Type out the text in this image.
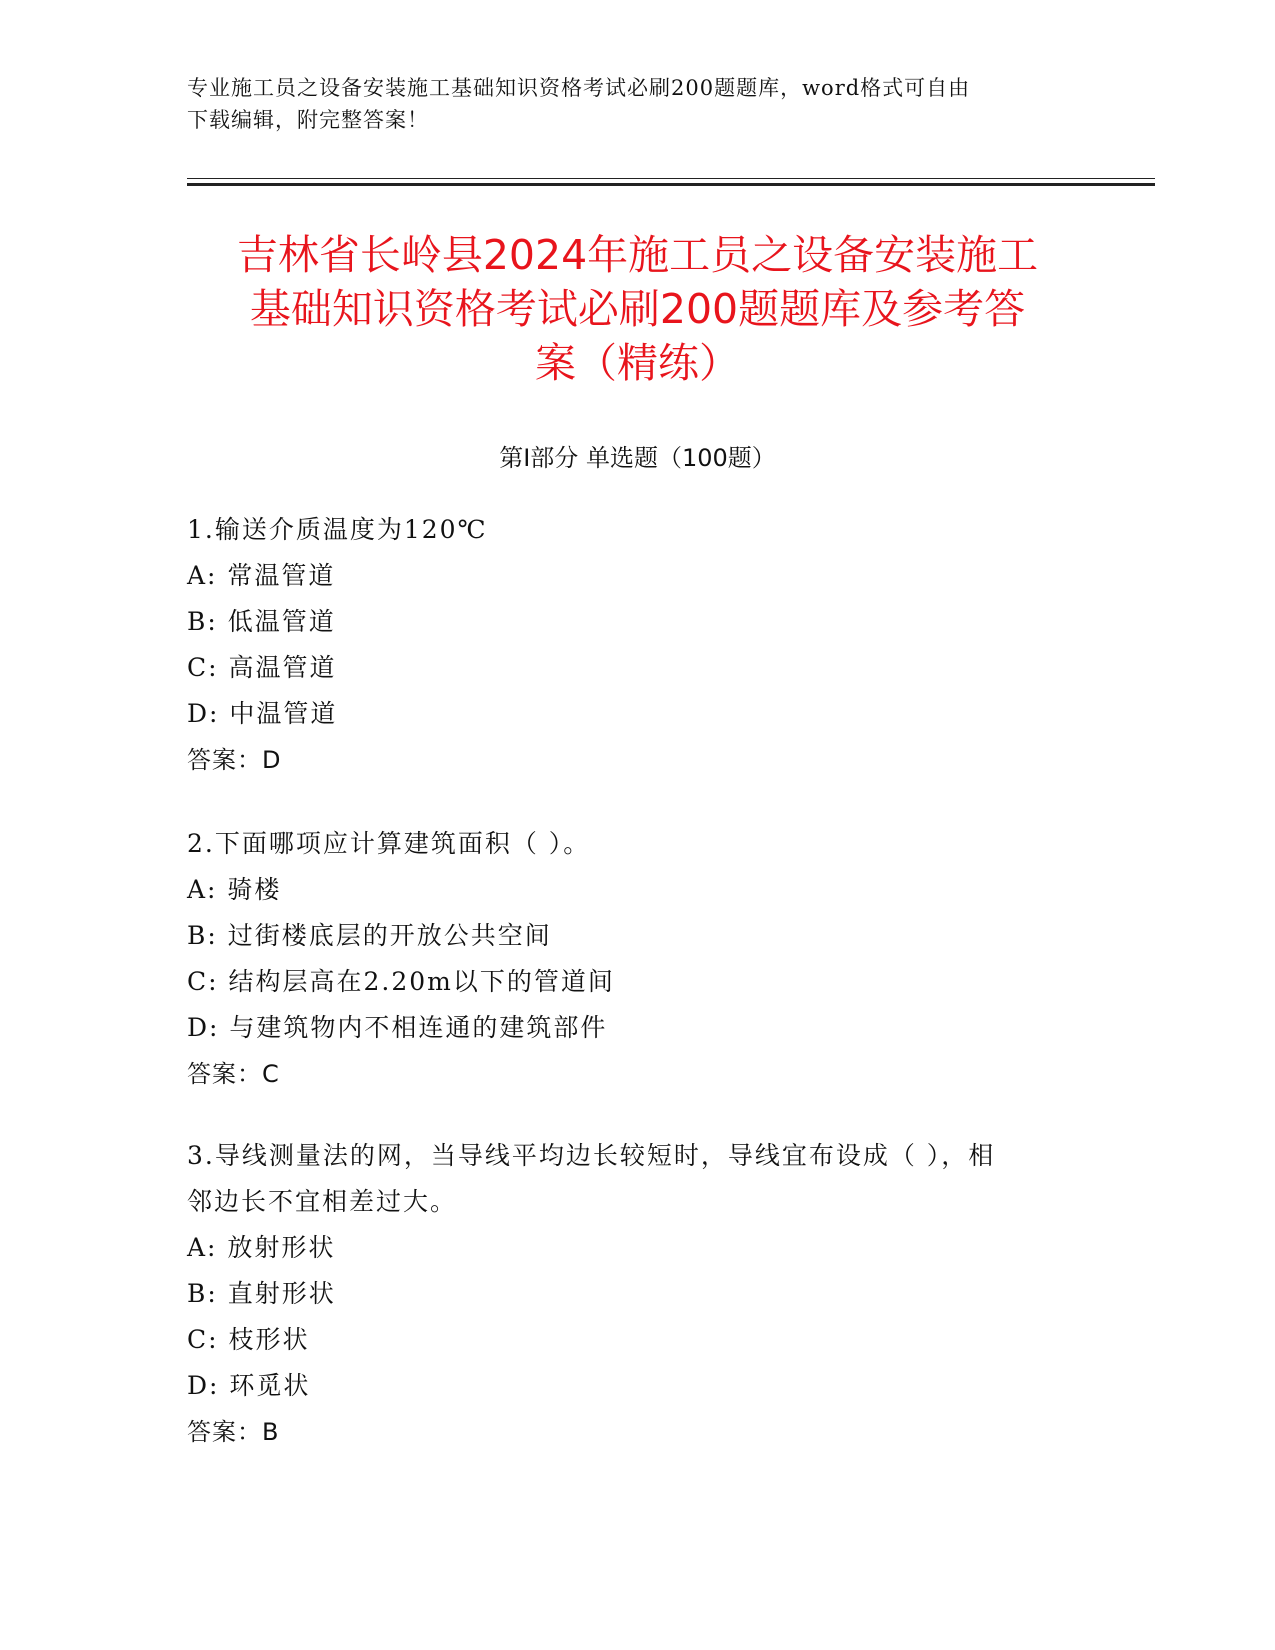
专业施工员之设备安装施工基础知识资格考试必刷200题题库，word格式可自由
下载编辑，附完整答案！
吉林省长岭县2024年施工员之设备安装施工
基础知识资格考试必刷200题题库及参考答
案（精练）
第Ⅰ部分 单选题（100题）
1.输送介质温度为120℃
A: 常温管道
B: 低温管道
C: 高温管道
D: 中温管道
答案：D
2.下面哪项应计算建筑面积（ ）。
A: 骑楼
B: 过街楼底层的开放公共空间
C: 结构层高在2.20m以下的管道间
D: 与建筑物内不相连通的建筑部件
答案：C
3.导线测量法的网，当导线平均边长较短时，导线宜布设成（ ），相
邻边长不宜相差过大。
A: 放射形状
B: 直射形状
C: 枝形状
D: 环觅状
答案：B
